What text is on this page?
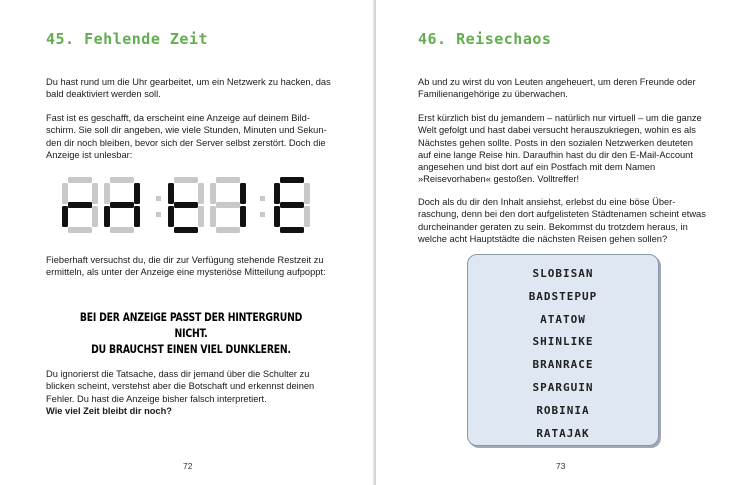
45. Fehlende Zeit

Du hast rund um die Uhr gearbeitet, um ein Netzwerk zu hacken, das bald deaktiviert werden soll.

Fast ist es geschafft, da erscheint eine Anzeige auf deinem Bildschirm. Sie soll dir angeben, wie viele Stunden, Minuten und Sekunden dir noch bleiben, bevor sich der Server selbst zerstört. Doch die Anzeige ist unlesbar:

Fieberhaft versuchst du, die dir zur Verfügung stehende Restzeit zu ermitteln, als unter der Anzeige eine mysteriöse Mitteilung aufpoppt:

BEI DER ANZEIGE PASST DER HINTERGRUND NICHT.
DU BRAUCHST EINEN VIEL DUNKLEREN.

Du ignorierst die Tatsache, dass dir jemand über die Schulter zu blicken scheint, verstehst aber die Botschaft und erkennst deinen Fehler. Du hast die Anzeige bisher falsch interpretiert.
Wie viel Zeit bleibt dir noch?

72
46. Reisechaos

Ab und zu wirst du von Leuten angeheuert, um deren Freunde oder Familienangehörige zu überwachen.

Erst kürzlich bist du jemandem – natürlich nur virtuell – um die ganze Welt gefolgt und hast dabei versucht herauszukriegen, wohin es als Nächstes gehen sollte. Posts in den sozialen Netzwerken deuteten auf eine lange Reise hin. Daraufhin hast du dir den E-Mail-Account angesehen und bist dort auf ein Postfach mit dem Namen »Reisevorhaben« gestoßen. Volltreffer!

Doch als du dir den Inhalt ansiehst, erlebst du eine böse Überraschung, denn bei den dort aufgelisteten Städtenamen scheint etwas durcheinander geraten zu sein. Bekommst du trotzdem heraus, in welche acht Hauptstädte die nächsten Reisen gehen sollen?

SLOBISAN
BADSTEPUP
ATATOW
SHINLIKE
BRANRACE
SPARGUIN
ROBINIA
RATAJAK
73
